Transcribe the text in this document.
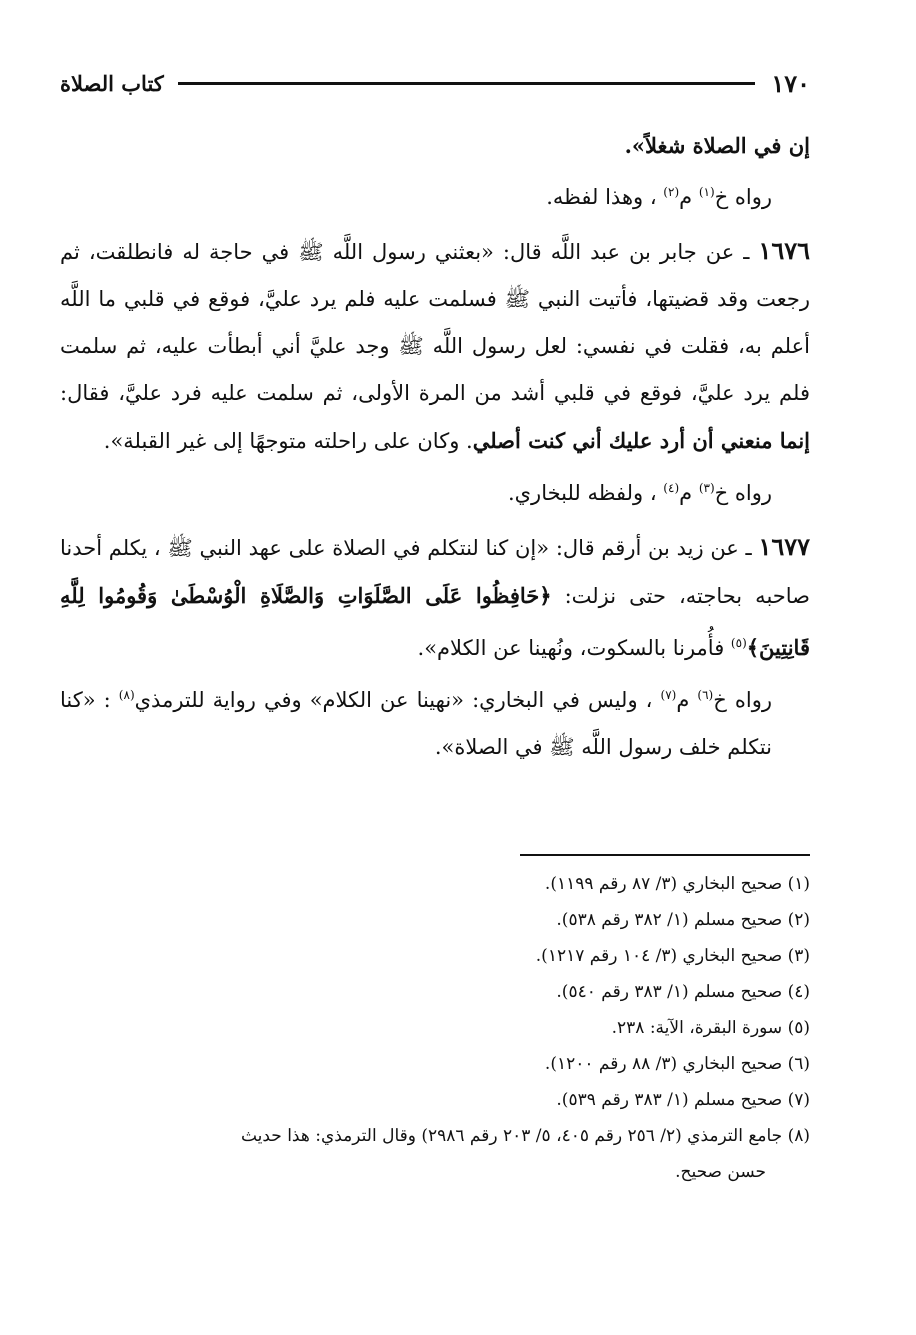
١٧٠
كتاب الصلاة

إن في الصلاة شغلاً».

رواه خ$^{(١)}$ م$^{(٢)}$ ، وهذا لفظه.

١٦٧٦ ـ عن جابر بن عبد اللَّه قال: «بعثني رسول اللَّه ﷺ في حاجة له فانطلقت، ثم رجعت وقد قضيتها، فأتيت النبي ﷺ فسلمت عليه فلم يرد عليَّ، فوقع في قلبي ما اللَّه أعلم به، فقلت في نفسي: لعل رسول اللَّه ﷺ وجد عليَّ أني أبطأت عليه، ثم سلمت فلم يرد عليَّ، فوقع في قلبي أشد من المرة الأولى، ثم سلمت عليه فرد عليَّ، فقال: إنما منعني أن أرد عليك أني كنت أصلي. وكان على راحلته متوجهًا إلى غير القبلة».

رواه خ$^{(٣)}$ م$^{(٤)}$ ، ولفظه للبخاري.

١٦٧٧ ـ عن زيد بن أرقم قال: «إن كنا لنتكلم في الصلاة على عهد النبي ﷺ ، يكلم أحدنا صاحبه بحاجته، حتى نزلت: ﴿حَافِظُوا عَلَى الصَّلَوَاتِ وَالصَّلَاةِ الْوُسْطَىٰ وَقُومُوا لِلَّهِ قَانِتِينَ﴾$^{(٥)}$ فأُمرنا بالسكوت، ونُهينا عن الكلام».

رواه خ$^{(٦)}$ م$^{(٧)}$ ، وليس في البخاري: «نهينا عن الكلام» وفي رواية للترمذي$^{(٨)}$ : «كنا نتكلم خلف رسول اللَّه ﷺ في الصلاة».

(١) صحيح البخاري (٣/ ٨٧ رقم ١١٩٩).

(٢) صحيح مسلم (١/ ٣٨٢ رقم ٥٣٨).

(٣) صحيح البخاري (٣/ ١٠٤ رقم ١٢١٧).

(٤) صحيح مسلم (١/ ٣٨٣ رقم ٥٤٠).

(٥) سورة البقرة، الآية: ٢٣٨.

(٦) صحيح البخاري (٣/ ٨٨ رقم ١٢٠٠).

(٧) صحيح مسلم (١/ ٣٨٣ رقم ٥٣٩).

(٨) جامع الترمذي (٢/ ٢٥٦ رقم ٤٠٥، ٥/ ٢٠٣ رقم ٢٩٨٦) وقال الترمذي: هذا حديث
حسن صحيح.
